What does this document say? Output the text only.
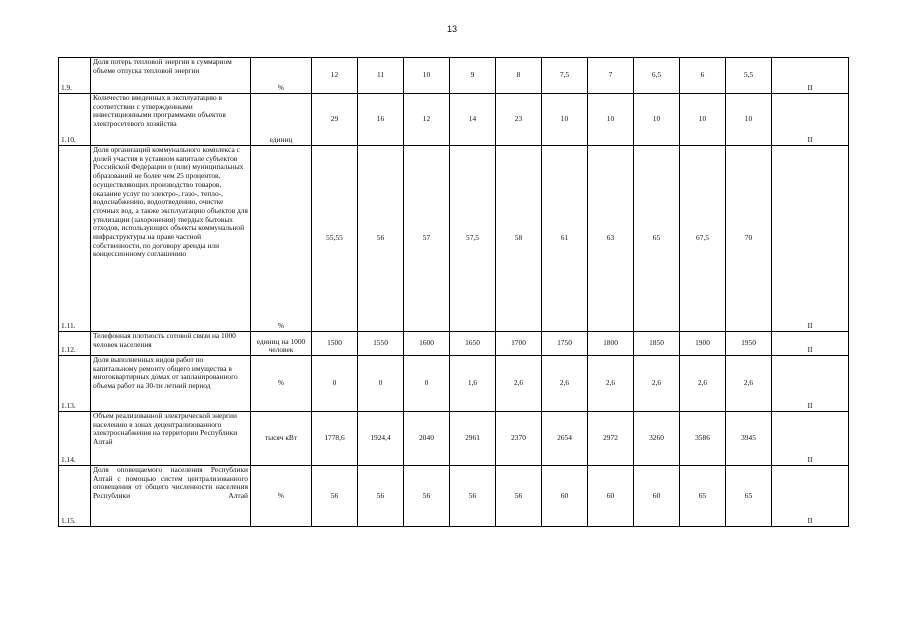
13
1.9.	Доля потерь тепловой энергии в суммарном объеме отпуска тепловой энергии	%	12	11	10	9	8	7,5	7	6,5	6	5,5	II
1.10.	Количество введенных в эксплуатацию в соответствии с утвержденными инвестиционными программами объектов электросетевого хозяйства	единиц	29	16	12	14	23	10	10	10	10	10	II
1.11.	Доля организаций коммунального комплекса с долей участия в уставном капитале субъектов Российской Федерации и (или) муниципальных образований не более чем 25 процентов, осуществляющих производство товаров, оказание услуг по электро-, газо-, тепло-, водоснабжению, водоотведению, очистке сточных вод, а также эксплуатацию объектов для утилизации (захоронения) твердых бытовых отходов, использующих объекты коммунальной инфраструктуры на праве частной собственности, по договору аренды или концессионному соглашению	%	55,55	56	57	57,5	58	61	63	65	67,5	70	II
1.12.	Телефонная плотность сотовой связи на 1000 человек населения	единиц на 1000 человек	1500	1550	1600	1650	1700	1750	1800	1850	1900	1950	II
1.13.	Доля выполненных видов работ по капитальному ремонту общего имущества в многоквартирных домах от запланированного объема работ на 30-ти летний период	%	0	0	0	1,6	2,6	2,6	2,6	2,6	2,6	2,6	II
1.14.	Объем реализованной электрической энергии населению в зонах децентрализованного электроснабжения на территории Республики Алтай	тысяч кВт	1778,6	1924,4	2040	2961	2370	2654	2972	3260	3586	3945	II
1.15.	Доля оповещаемого населения Республики Алтай с помощью систем централизованного оповещения от общего численности населения Республики Алтай	%	56	56	56	56	56	60	60	60	65	65	II
